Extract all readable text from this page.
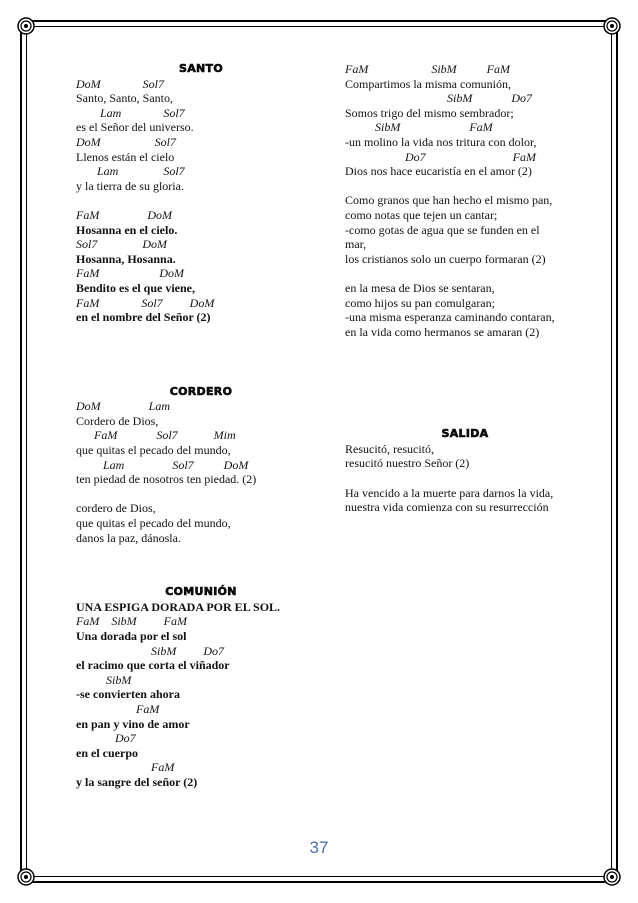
SANTO
DoM              Sol7
Santo, Santo, Santo,
Lam              Sol7
es el Señor del universo.
DoM                  Sol7
Llenos están el cielo
Lam               Sol7
y la tierra de su gloria.
FaM                DoM
Hosanna en el cielo.
Sol7               DoM
Hosanna, Hosanna.
FaM                    DoM
Bendito es el que viene,
FaM              Sol7         DoM
en el nombre del Señor (2)
CORDERO
DoM                Lam
Cordero de Dios,
FaM             Sol7            Mim
que quitas el pecado del mundo,
Lam                Sol7          DoM
ten piedad de nosotros ten piedad. (2)
cordero de Dios,
que quitas el pecado del mundo,
danos la paz, dánosla.
COMUNIÓN
UNA ESPIGA DORADA POR EL SOL.
FaM    SibM         FaM
Una dorada por el sol
SibM         Do7
el racimo que corta el viñador
SibM
-se convierten ahora
FaM
en pan y vino de amor
Do7
en el cuerpo
FaM
y la sangre del señor (2)
FaM                     SibM          FaM
Compartimos la misma comunión,
SibM             Do7
Somos trigo del mismo sembrador;
SibM                       FaM
-un molino la vida nos tritura con dolor,
Do7                             FaM
Dios nos hace eucaristía en el amor (2)
Como granos que han hecho el mismo pan,
como notas que tejen un cantar;
-como gotas de agua que se funden en el
mar,
los cristianos solo un cuerpo formaran (2)
en la mesa de Dios se sentaran,
como hijos su pan comulgaran;
-una misma esperanza caminando contaran,
en la vida como hermanos se amaran (2)
SALIDA
Resucitó, resucitó,
resucitó nuestro Señor (2)
Ha vencido a la muerte para darnos la vida,
nuestra vida comienza con su resurrección
37
